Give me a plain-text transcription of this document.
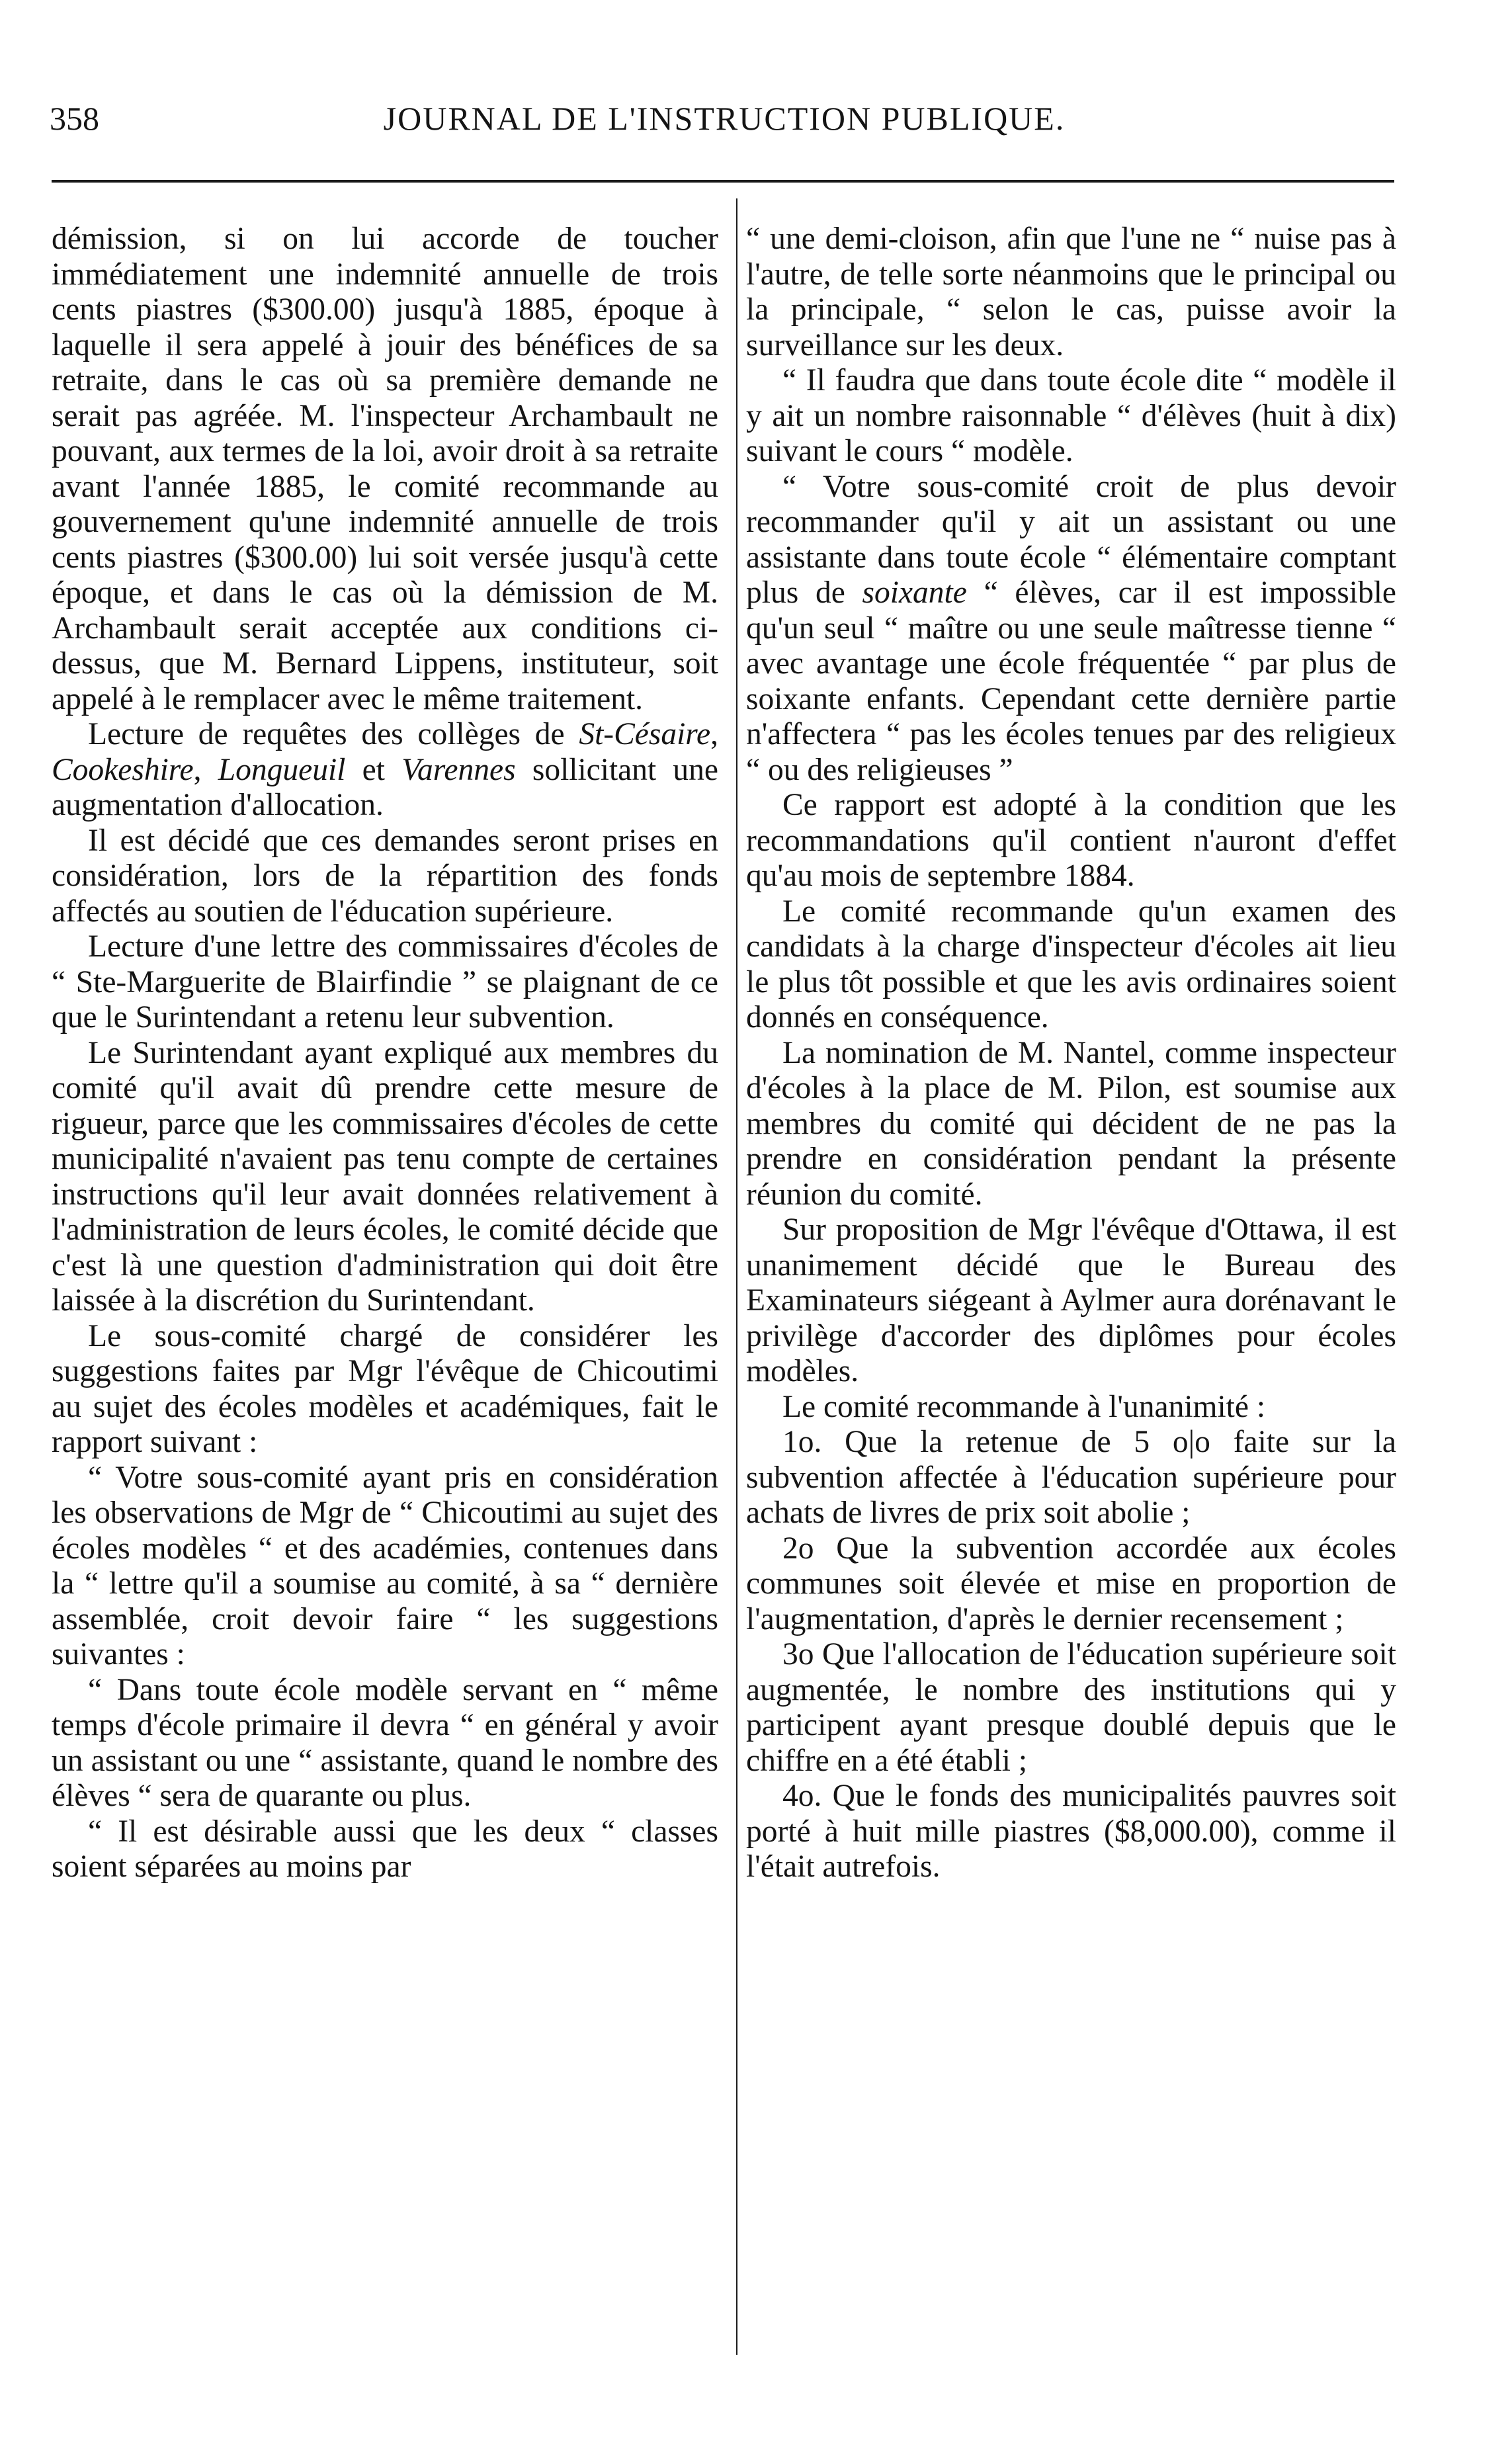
358	JOURNAL DE L'INSTRUCTION PUBLIQUE.

démission, si on lui accorde de toucher immédiatement une indemnité annuelle de trois cents piastres ($300.00) jusqu'à 1885, époque à laquelle il sera appelé à jouir des bénéfices de sa retraite, dans le cas où sa première demande ne serait pas agréée. M. l'inspecteur Archambault ne pouvant, aux termes de la loi, avoir droit à sa retraite avant l'année 1885, le comité recommande au gouvernement qu'une indemnité annuelle de trois cents piastres ($300.00) lui soit versée jusqu'à cette époque, et dans le cas où la démission de M. Archambault serait acceptée aux conditions ci-dessus, que M. Bernard Lippens, instituteur, soit appelé à le remplacer avec le même traitement.

Lecture de requêtes des collèges de St-Césaire, Cookeshire, Longueuil et Varennes sollicitant une augmentation d'allocation.

Il est décidé que ces demandes seront prises en considération, lors de la répartition des fonds affectés au soutien de l'éducation supérieure.

Lecture d'une lettre des commissaires d'écoles de “ Ste-Marguerite de Blairfindie ” se plaignant de ce que le Surintendant a retenu leur subvention.

Le Surintendant ayant expliqué aux membres du comité qu'il avait dû prendre cette mesure de rigueur, parce que les commissaires d'écoles de cette municipalité n'avaient pas tenu compte de certaines instructions qu'il leur avait données relativement à l'administration de leurs écoles, le comité décide que c'est là une question d'administration qui doit être laissée à la discrétion du Surintendant.

Le sous-comité chargé de considérer les suggestions faites par Mgr l'évêque de Chicoutimi au sujet des écoles modèles et académiques, fait le rapport suivant :

“ Votre sous-comité ayant pris en considération les observations de Mgr de “ Chicoutimi au sujet des écoles modèles “ et des académies, contenues dans la “ lettre qu'il a soumise au comité, à sa “ dernière assemblée, croit devoir faire “ les suggestions suivantes :

“ Dans toute école modèle servant en “ même temps d'école primaire il devra “ en général y avoir un assistant ou une “ assistante, quand le nombre des élèves “ sera de quarante ou plus.

“ Il est désirable aussi que les deux “ classes soient séparées au moins par

“ une demi-cloison, afin que l'une ne “ nuise pas à l'autre, de telle sorte néanmoins que le principal ou la principale, “ selon le cas, puisse avoir la surveillance sur les deux.

“ Il faudra que dans toute école dite “ modèle il y ait un nombre raisonnable “ d'élèves (huit à dix) suivant le cours “ modèle.

“ Votre sous-comité croit de plus devoir recommander qu'il y ait un assistant ou une assistante dans toute école “ élémentaire comptant plus de soixante “ élèves, car il est impossible qu'un seul “ maître ou une seule maîtresse tienne “ avec avantage une école fréquentée “ par plus de soixante enfants. Cependant cette dernière partie n'affectera “ pas les écoles tenues par des religieux “ ou des religieuses ”

Ce rapport est adopté à la condition que les recommandations qu'il contient n'auront d'effet qu'au mois de septembre 1884.

Le comité recommande qu'un examen des candidats à la charge d'inspecteur d'écoles ait lieu le plus tôt possible et que les avis ordinaires soient donnés en conséquence.

La nomination de M. Nantel, comme inspecteur d'écoles à la place de M. Pilon, est soumise aux membres du comité qui décident de ne pas la prendre en considération pendant la présente réunion du comité.

Sur proposition de Mgr l'évêque d'Ottawa, il est unanimement décidé que le Bureau des Examinateurs siégeant à Aylmer aura dorénavant le privilège d'accorder des diplômes pour écoles modèles.

Le comité recommande à l'unanimité :

1o. Que la retenue de 5 o|o faite sur la subvention affectée à l'éducation supérieure pour achats de livres de prix soit abolie ;

2o Que la subvention accordée aux écoles communes soit élevée et mise en proportion de l'augmentation, d'après le dernier recensement ;

3o Que l'allocation de l'éducation supérieure soit augmentée, le nombre des institutions qui y participent ayant presque doublé depuis que le chiffre en a été établi ;

4o. Que le fonds des municipalités pauvres soit porté à huit mille piastres ($8,000.00), comme il l'était autrefois.
